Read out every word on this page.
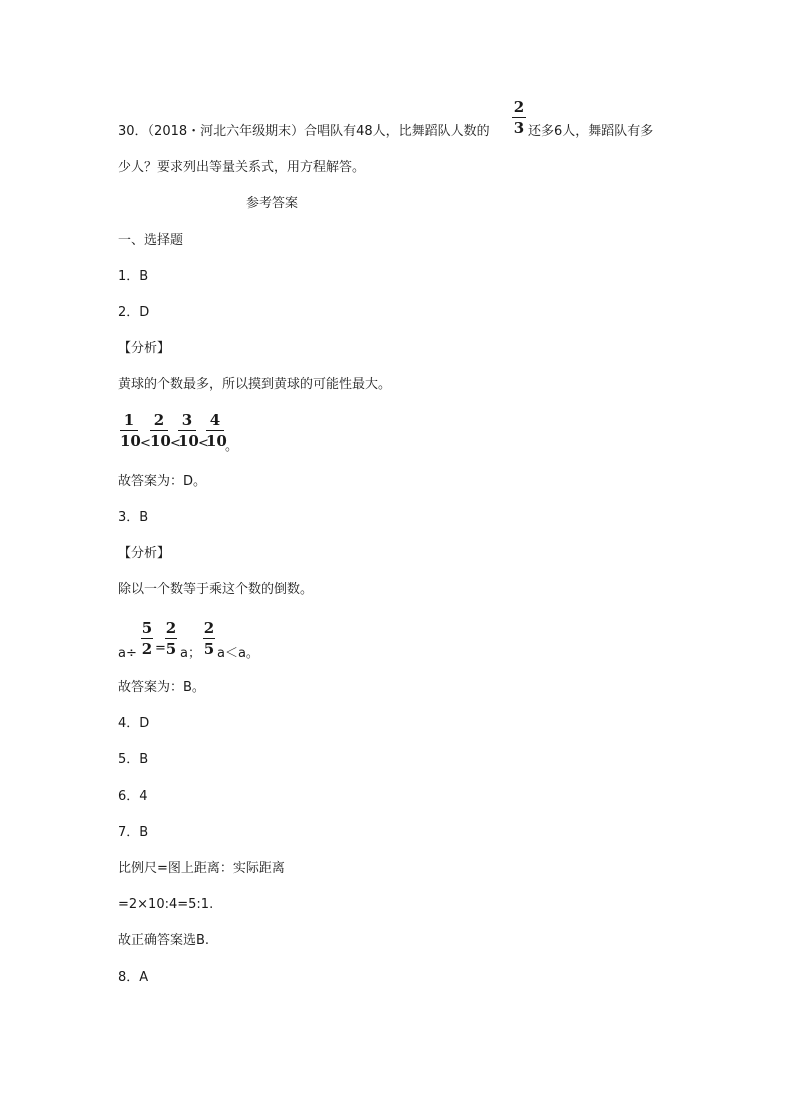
30．（2018・河北六年级期末）合唱队有48人，比舞蹈队人数的
2
3 还多6人，舞蹈队有多
少人？要求列出等量关系式，用方程解答。
参考答案
一、选择题
1．B
2．D
【分析】
黄球的个数最多，所以摸到黄球的可能性最大。
1
10 <
2
10 <
3
10 <
4
10
。
故答案为：D。
3．B
【分析】
除以一个数等于乘这个数的倒数。
a÷
5
2 =
2
5 a；
2
5 a＜a。
故答案为：B。
4．D
5．B
6．4
7．B
比例尺=图上距离：实际距离
=2×10:4=5:1.
故正确答案选B.
8．A
